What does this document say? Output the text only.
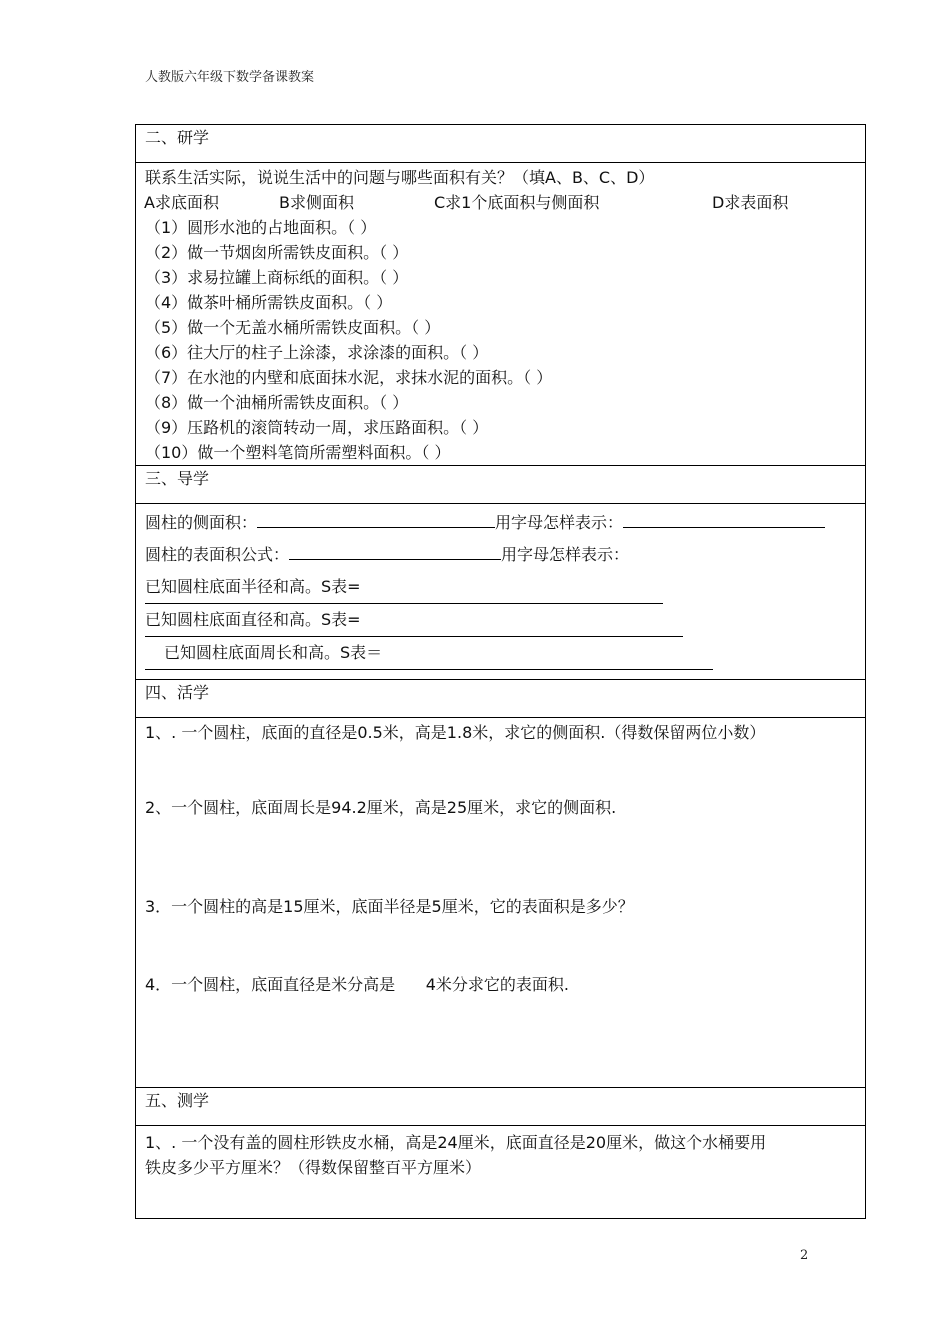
人教版六年级下数学备课教案
二、研学

联系生活实际，说说生活中的问题与哪些面积有关？（填A、B、C、D）
A求底面积	B求侧面积	C求1个底面积与侧面积	D求表面积
（1）圆形水池的占地面积。（ ）
（2）做一节烟囱所需铁皮面积。（ ）
（3）求易拉罐上商标纸的面积。（ ）
（4）做茶叶桶所需铁皮面积。（ ）
（5）做一个无盖水桶所需铁皮面积。（ ）
（6）往大厅的柱子上涂漆，求涂漆的面积。（ ）
（7）在水池的内壁和底面抹水泥，求抹水泥的面积。（ ）
（8）做一个油桶所需铁皮面积。（ ）
（9）压路机的滚筒转动一周，求压路面积。（ ）
（10）做一个塑料笔筒所需塑料面积。（ ）

三、导学

圆柱的侧面积：	用字母怎样表示：
圆柱的表面积公式：	用字母怎样表示：
已知圆柱底面半径和高。S表=
已知圆柱底面直径和高。S表=
已知圆柱底面周长和高。S表＝

四、活学

1、. 一个圆柱，底面的直径是0.5米，高是1.8米，求它的侧面积.（得数保留两位小数）
2、一个圆柱，底面周长是94.2厘米，高是25厘米，求它的侧面积.
3．一个圆柱的高是15厘米，底面半径是5厘米，它的表面积是多少？
4．一个圆柱，底面直径是米分高是      4米分求它的表面积.

五、测学

1、. 一个没有盖的圆柱形铁皮水桶，高是24厘米，底面直径是20厘米，做这个水桶要用
铁皮多少平方厘米？（得数保留整百平方厘米）
2
